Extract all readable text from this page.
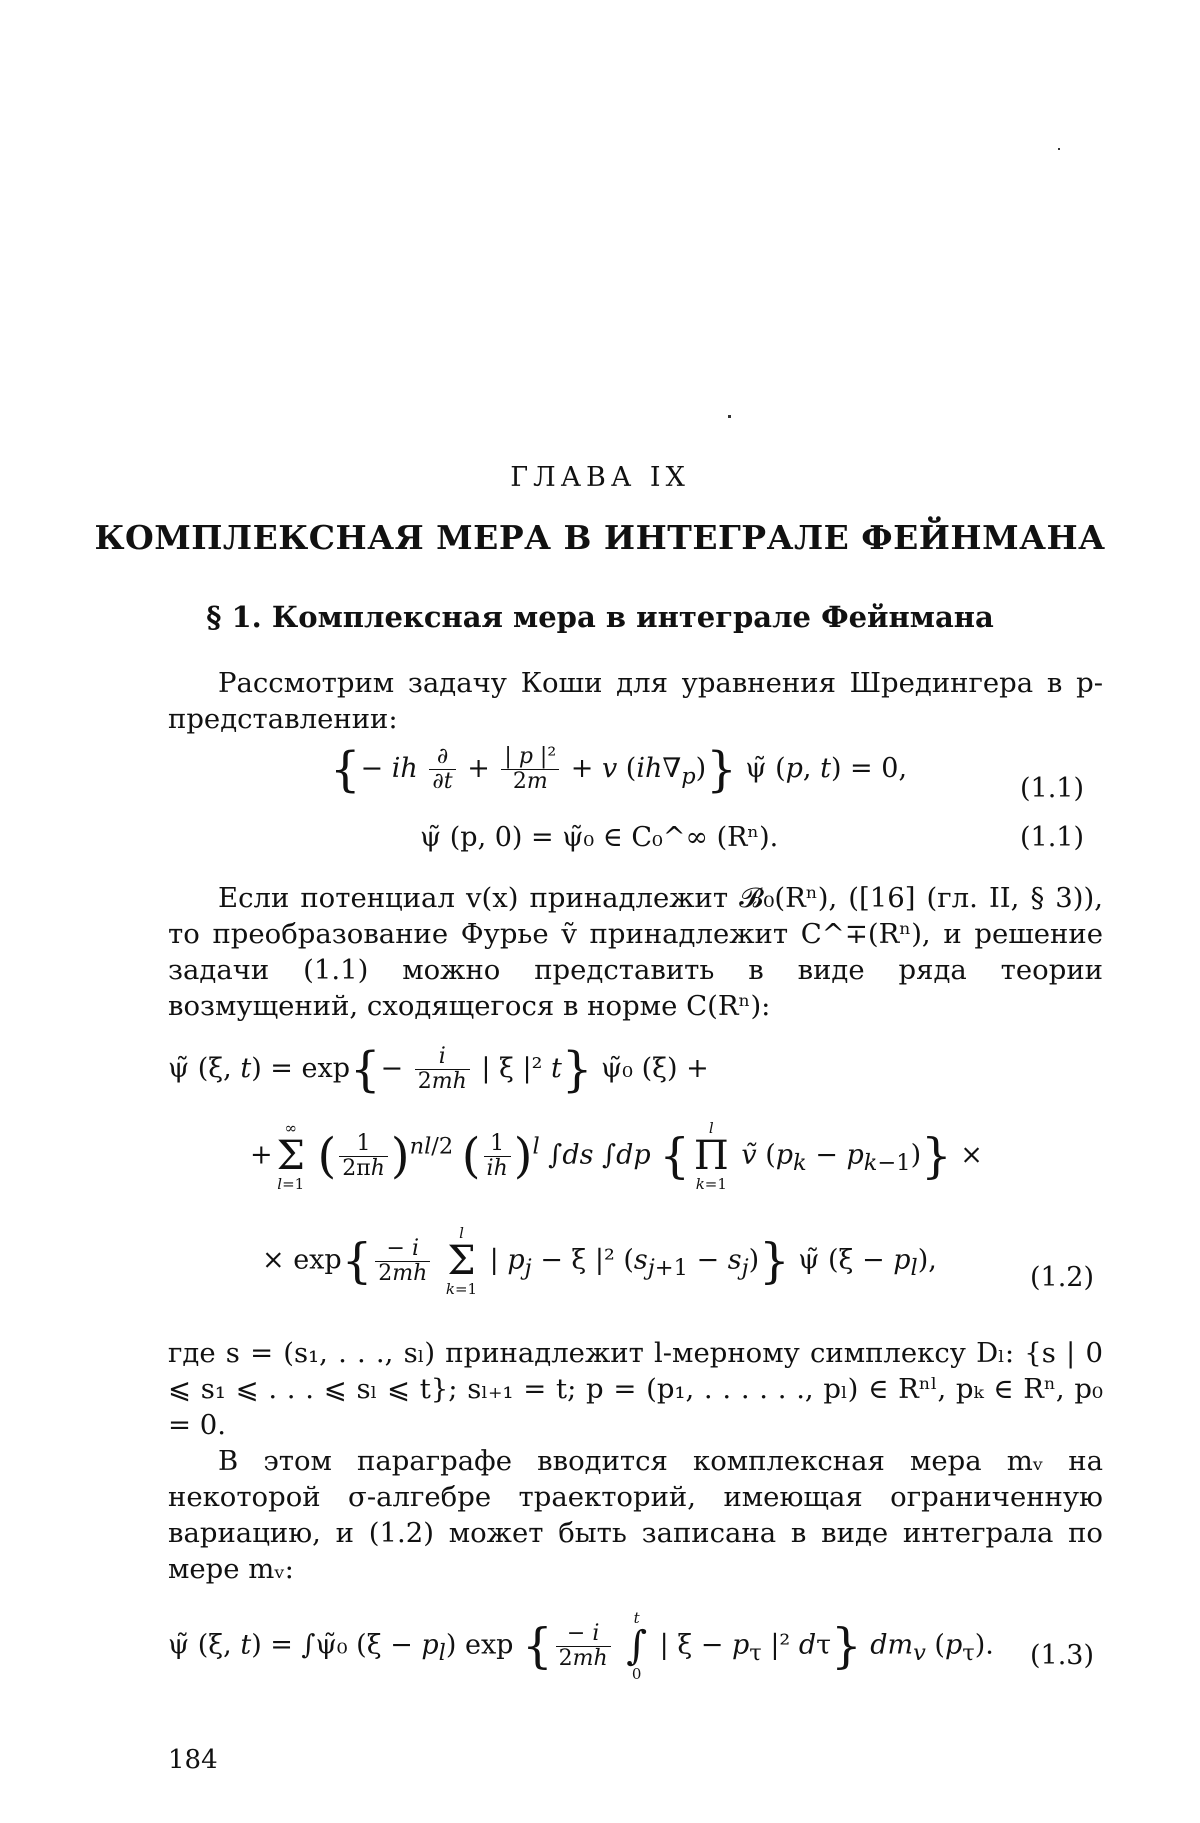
ГЛАВА IX
КОМПЛЕКСНАЯ МЕРА В ИНТЕГРАЛЕ ФЕЙНМАНА
§ 1. Комплексная мера в интеграле Фейнмана
Рассмотрим задачу Коши для уравнения Шредингера в p-представлении:
{− ih $\frac{\partial}{\partial t} + \frac{\text{| p |²}}{2m} + v$ $(ih\nabla_p)$} ψ̃ (p, t) = 0,
(1.1)
ψ̃ (p, 0) = ψ̃₀ ∈ C₀^∞ (Rⁿ).	(1.1)
Если потенциал v(x) принадлежит 𝓑₀(Rⁿ), ([16] (гл. II, § 3)), то преобразование Фурье ṽ принадлежит C^∓(Rⁿ), и решение задачи (1.1) можно представить в виде ряда теории возмущений, сходящегося в норме C(Rⁿ):
ψ̃ (ξ, $t) = \exp\{- \frac{i}{2mh}$ | ξ |² t} ψ̃₀ (ξ) +
+∞
Σ
l=1 ( $\frac{1}{2\pi h} )^{nl/2}$ ( $\frac{1}{ih} )^l$ ∫ds ∫dp { l
Π
k=1 ṽ $(p_k - p_{k-1})$} ×
× $\exp\{ \frac{- i}{2mh}$
l
Σ
k=1 | $p_j - \xi$ |² $(s_{j+1} - s_j)$} ψ̃ $(\xi - p_l)$,
(1.2)
где s = (s₁, . . ., sₗ) принадлежит l-мерному симплексу Dₗ: {s | 0 ⩽ s₁ ⩽ . . . ⩽ sₗ ⩽ t}; sₗ₊₁ = t; p = (p₁, . . . . . ., pₗ) ∈ Rⁿˡ, pₖ ∈ Rⁿ, p₀ = 0.
В этом параграфе вводится комплексная мера mᵥ на некоторой σ-алгебре траекторий, имеющая ограниченную вариацию, и (1.2) может быть записана в виде интеграла по мере mᵥ:
ψ̃ (ξ, t) = ∫ψ̃₀ $(\xi - p_l)$ exp { $\frac{- i}{2mh}$
t
∫
0 | $\xi - p_\tau$ |² dτ} $dm_v$ $(p_\tau)$. (1.3)
184
